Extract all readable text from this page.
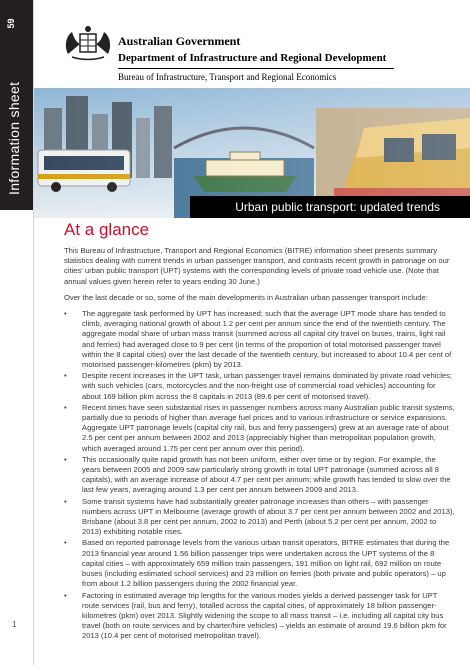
59
Information sheet
1
Australian Government
Department of Infrastructure and Regional Development
Bureau of Infrastructure, Transport and Regional Economics
Urban public transport: updated trends
At a glance

This Bureau of Infrastructure, Transport and Regional Economics (BITRE) information sheet presents summary statistics dealing with current trends in urban passenger transport, and contrasts recent growth in patronage on our cities' urban public transport (UPT) systems with the corresponding levels of private road vehicle use. (Note that annual values given herein refer to years ending 30 June.)

Over the last decade or so, some of the main developments in Australian urban passenger transport include:

• The aggregate task performed by UPT has increased; such that the average UPT mode share has tended to climb, averaging national growth of about 1.2 per cent per annum since the end of the twentieth century. The aggregate modal share of urban mass transit (summed across all capital city travel on buses, trains, light rail and ferries) had averaged close to 9 per cent (in terms of the proportion of total motorised passenger travel within the 8 capital cities) over the last decade of the twentieth century, but increased to about 10.4 per cent of motorised passenger-kilometres (pkm) by 2013.
• Despite recent increases in the UPT task, urban passenger travel remains dominated by private road vehicles; with such vehicles (cars, motorcycles and the non-freight use of commercial road vehicles) accounting for about 169 billion pkm across the 8 capitals in 2013 (89.6 per cent of motorised travel).
• Recent times have seen substantial rises in passenger numbers across many Australian public transit systems, partially due to periods of higher than average fuel prices and to various infrastructure or service expansions. Aggregate UPT patronage levels (capital city rail, bus and ferry passengers) grew at an average rate of about 2.5 per cent per annum between 2002 and 2013 (appreciably higher than metropolitan population growth, which averaged around 1.75 per cent per annum over this period).
• This occasionally quite rapid growth has not been uniform, either over time or by region. For example, the years between 2005 and 2009 saw particularly strong growth in total UPT patronage (summed across all 8 capitals), with an average increase of about 4.7 per cent per annum; while growth has tended to slow over the last few years, averaging around 1.3 per cent per annum between 2009 and 2013.
• Some transit systems have had substantially greater patronage increases than others – with passenger numbers across UPT in Melbourne (average growth of about 3.7 per cent per annum between 2002 and 2013), Brisbane (about 3.8 per cent per annum, 2002 to 2013) and Perth (about 5.2 per cent per annum, 2002 to 2013) exhibiting notable rises.
• Based on reported patronage levels from the various urban transit operators, BITRE estimates that during the 2013 financial year around 1.56 billion passenger trips were undertaken across the UPT systems of the 8 capital cities – with approximately 659 million train passengers, 191 million on light rail, 692 million on route buses (including estimated school services) and 23 million on ferries (both private and public operators) – up from about 1.2 billion passengers during the 2002 financial year.
• Factoring in estimated average trip lengths for the various modes yields a derived passenger task for UPT route services (rail, bus and ferry), totalled across the capital cities, of approximately 18 billion passenger-kilometres (pkm) over 2013. Slightly widening the scope to all mass transit – i.e. including all capital city bus travel (both on route services and by charter/hire vehicles) – yields an estimate of around 19.6 billion pkm for 2013 (10.4 per cent of motorised metropolitan travel).
